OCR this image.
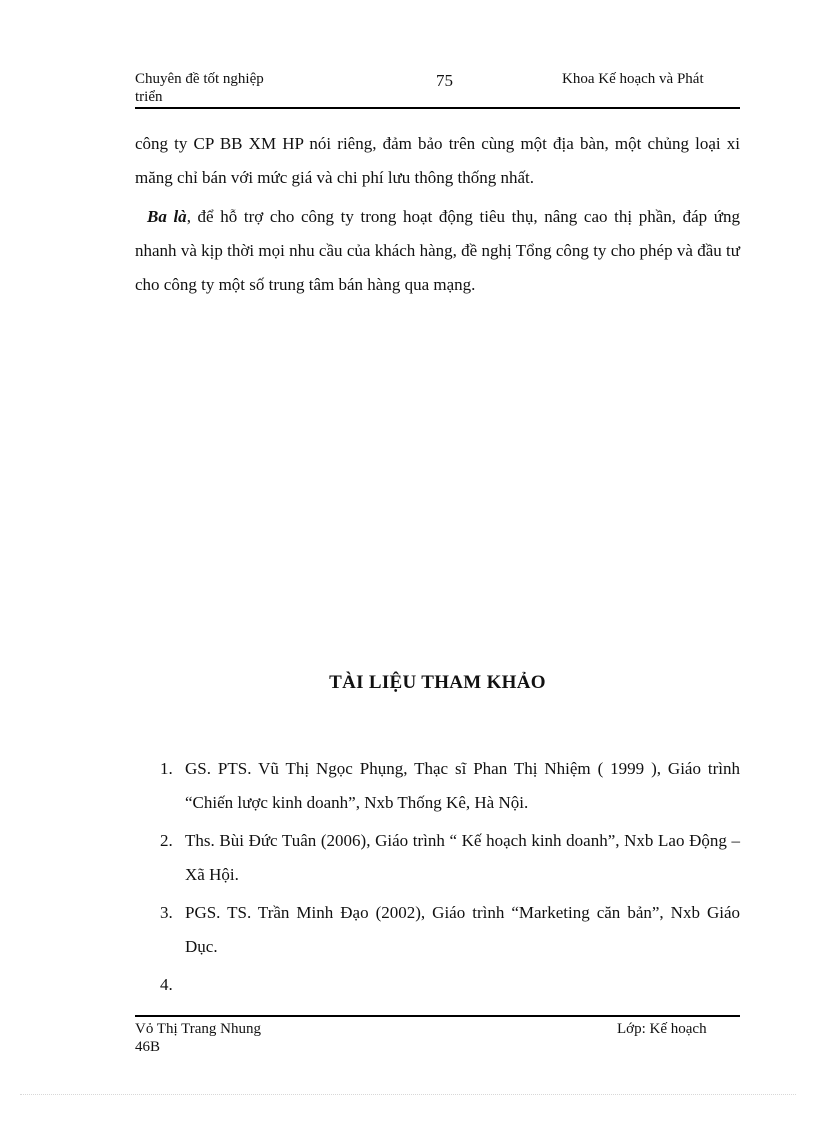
Chuyên đề tốt nghiệp
triển
75	Khoa Kế hoạch và Phát
công ty CP BB XM HP nói riêng, đảm bảo trên cùng một địa bàn, một chủng loại xi măng chỉ bán với mức giá và chi phí lưu thông thống nhất.
Ba là, để hỗ trợ cho công ty trong hoạt động tiêu thụ, nâng cao thị phần, đáp ứng nhanh và kịp thời mọi nhu cầu của khách hàng, đề nghị Tổng công ty cho phép và đầu tư cho công ty một số trung tâm bán hàng qua mạng.
TÀI LIỆU THAM KHẢO
1. GS. PTS. Vũ Thị Ngọc Phụng, Thạc sĩ Phan Thị Nhiệm ( 1999 ), Giáo trình “Chiến lược kinh doanh”, Nxb Thống Kê, Hà Nội.
2. Ths. Bùi Đức Tuân (2006), Giáo trình “ Kế hoạch kinh doanh”, Nxb Lao Động – Xã Hội.
3. PGS. TS. Trần Minh Đạo (2002), Giáo trình “Marketing căn bản”, Nxb Giáo Dục.
4.

Vỏ Thị Trang Nhung
46B
Lớp: Kế hoạch
